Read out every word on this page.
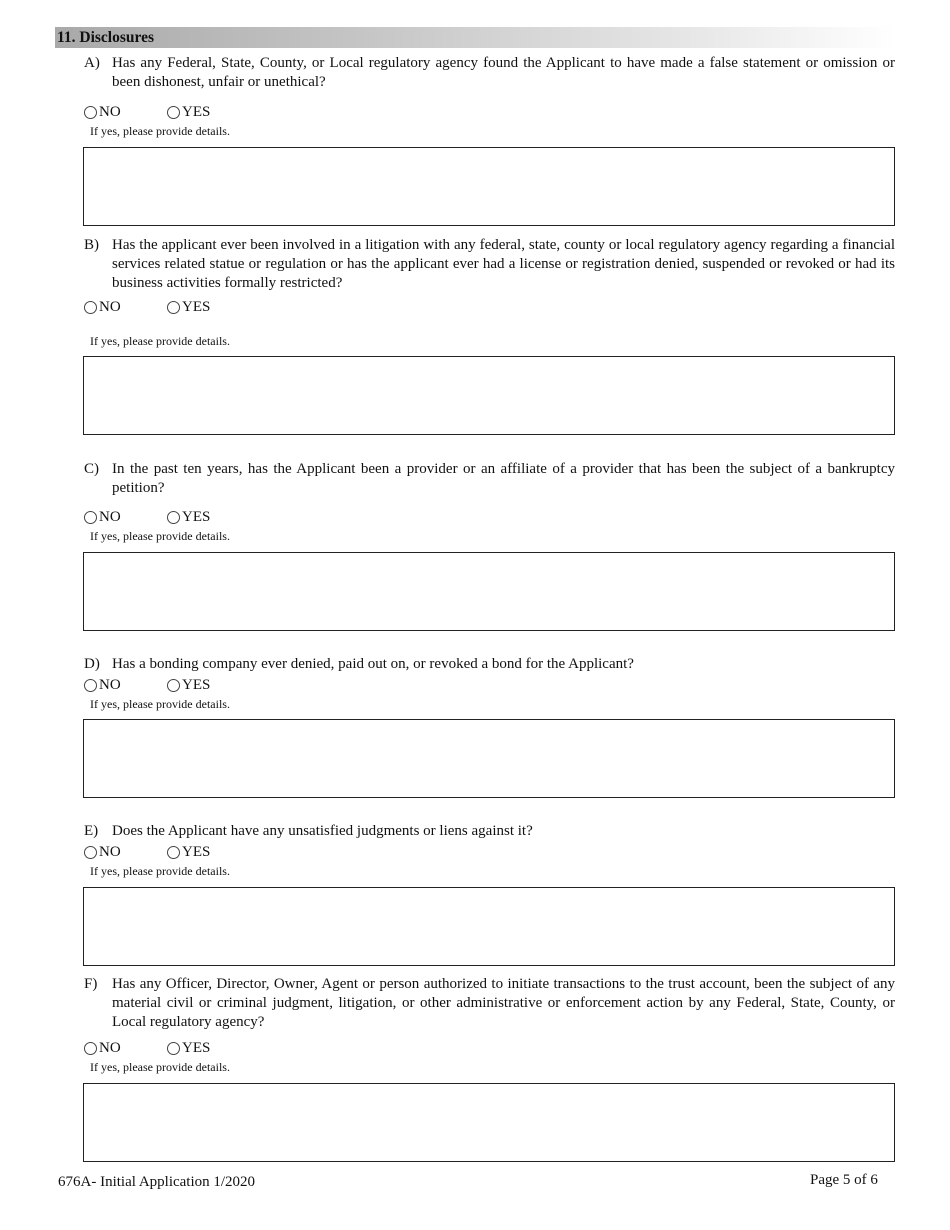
11. Disclosures
A) Has any Federal, State, County, or Local regulatory agency found the Applicant to have made a false statement or omission or been dishonest, unfair or unethical?
NO	YES
If yes, please provide details.
B) Has the applicant ever been involved in a litigation with any federal, state, county or local regulatory agency regarding a financial services related statue or regulation or has the applicant ever had a license or registration denied, suspended or revoked or had its business activities formally restricted?
NO	YES
If yes, please provide details.
C) In the past ten years, has the Applicant been a provider or an affiliate of a provider that has been the subject of a bankruptcy petition?
NO	YES
If yes, please provide details.
D) Has a bonding company ever denied, paid out on, or revoked a bond for the Applicant?
NO	YES
If yes, please provide details.
E) Does the Applicant have any unsatisfied judgments or liens against it?
NO	YES
If yes, please provide details.
F) Has any Officer, Director, Owner, Agent or person authorized to initiate transactions to the trust account, been the subject of any material civil or criminal judgment, litigation, or other administrative or enforcement action by any Federal, State, County, or Local regulatory agency?
NO	YES
If yes, please provide details.
676A- Initial Application 1/2020	Page 5 of 6
